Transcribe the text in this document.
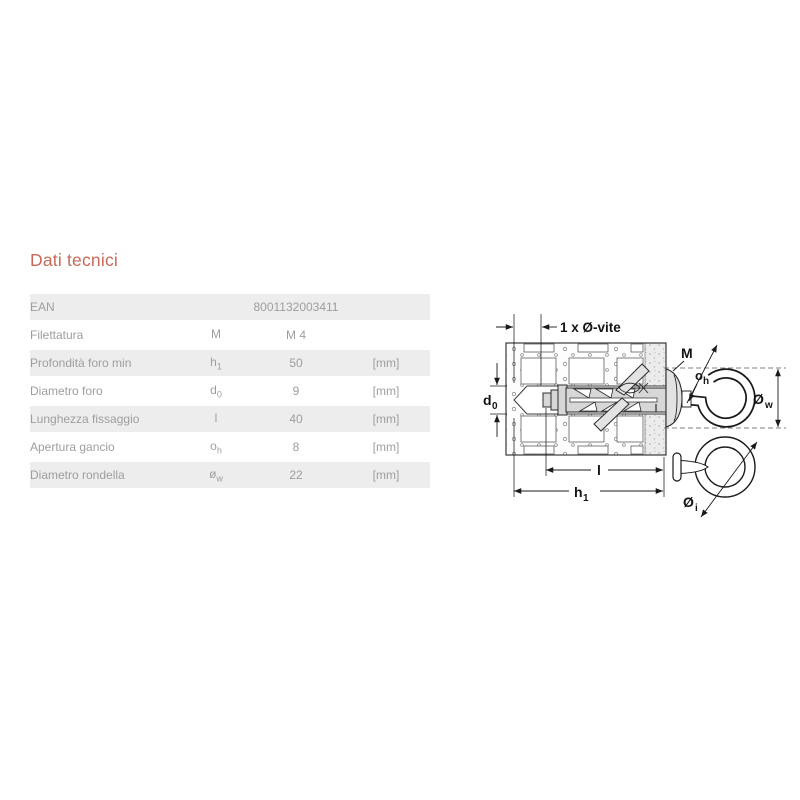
Dati tecnici
EAN		8001132003411	
Filettatura	M	M 4	
Profondità foro min	$h_1$	50	[mm]
Diametro foro	$d_0$	9	[mm]
Lunghezza fissaggio	l	40	[mm]
Apertura gancio	$o_h$	8	[mm]
Diametro rondella	$ø_w$	22	[mm]
1 x Ø-vite
d 0
l
h 1
M
o h
Ø w
Ø i
